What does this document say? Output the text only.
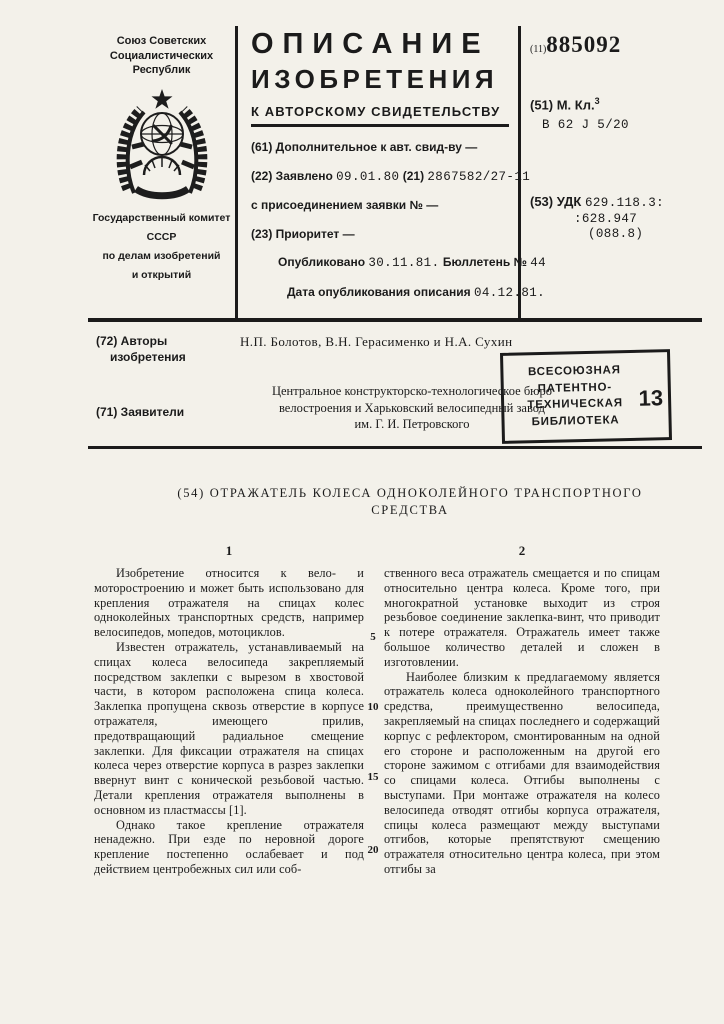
Союз Советских
Социалистических
Республик
Государственный комитет
СССР
по делам изобретений
и открытий
ОПИСАНИЕ
ИЗОБРЕТЕНИЯ
К АВТОРСКОМУ СВИДЕТЕЛЬСТВУ
(61) Дополнительное к авт. свид-ву —
(22) Заявлено 09.01.80 (21) 2867582/27-11
с присоединением заявки № —
(23) Приоритет —
Опубликовано 30.11.81. Бюллетень № 44
Дата опубликования описания 04.12.81.
(11)885092
(51) М. Кл.$^3$
В 62 J 5/20
(53) УДК 629.118.3:
:628.947
(088.8)
(72) Авторы
изобретения
Н.П. Болотов, В.Н. Герасименко и Н.А. Сухин
(71) Заявители
Центральное конструкторско-технологическое бюро
велостроения и Харьковский велосипедный завод
им. Г. И. Петровского
ВСЕСОЮЗНАЯ
ПАТЕНТНО-
ТЕХНИЧЕСКАЯ
БИБЛИОТЕКА
13
(54) ОТРАЖАТЕЛЬ КОЛЕСА ОДНОКОЛЕЙНОГО ТРАНСПОРТНОГО
СРЕДСТВА
1

Изобретение относится к вело- и моторостроению и может быть использовано для крепления отражателя на спицах колес одноколейных транспортных средств, например велосипедов, мопедов, мотоциклов.

Известен отражатель, устанавливаемый на спицах колеса велосипеда закрепляемый посредством заклепки с вырезом в хвостовой части, в котором расположена спица колеса. Заклепка пропущена сквозь отверстие в корпусе отражателя, имеющего прилив, предотвращающий радиальное смещение заклепки. Для фиксации отражателя на спицах колеса через отверстие корпуса в разрез заклепки ввернут винт с конической резьбовой частью. Детали крепления отражателя выполнены в основном из пластмассы [1].

Однако такое крепление отражателя ненадежно. При езде по неровной дороге крепление постепенно ослабевает и под действием центробежных сил или соб-

2

ственного веса отражатель смещается и по спицам относительно центра колеса. Кроме того, при многократной установке выходит из строя резьбовое соединение заклепка-винт, что приводит к потере отражателя. Отражатель имеет также большое количество деталей и сложен в изготовлении.

Наиболее близким к предлагаемому является отражатель колеса одноколейного транспортного средства, преимущественно велосипеда, закрепляемый на спицах последнего и содержащий корпус с рефлектором, смонтированным на одной его стороне и расположенным на другой его стороне зажимом с отгибами для взаимодействия со спицами колеса. Отгибы выполнены с выступами. При монтаже отражателя на колесо велосипеда отводят отгибы корпуса отражателя, спицы колеса размещают между выступами отгибов, которые препятствуют смещению отражателя относительно центра колеса, при этом отгибы за

5
10
15
20
